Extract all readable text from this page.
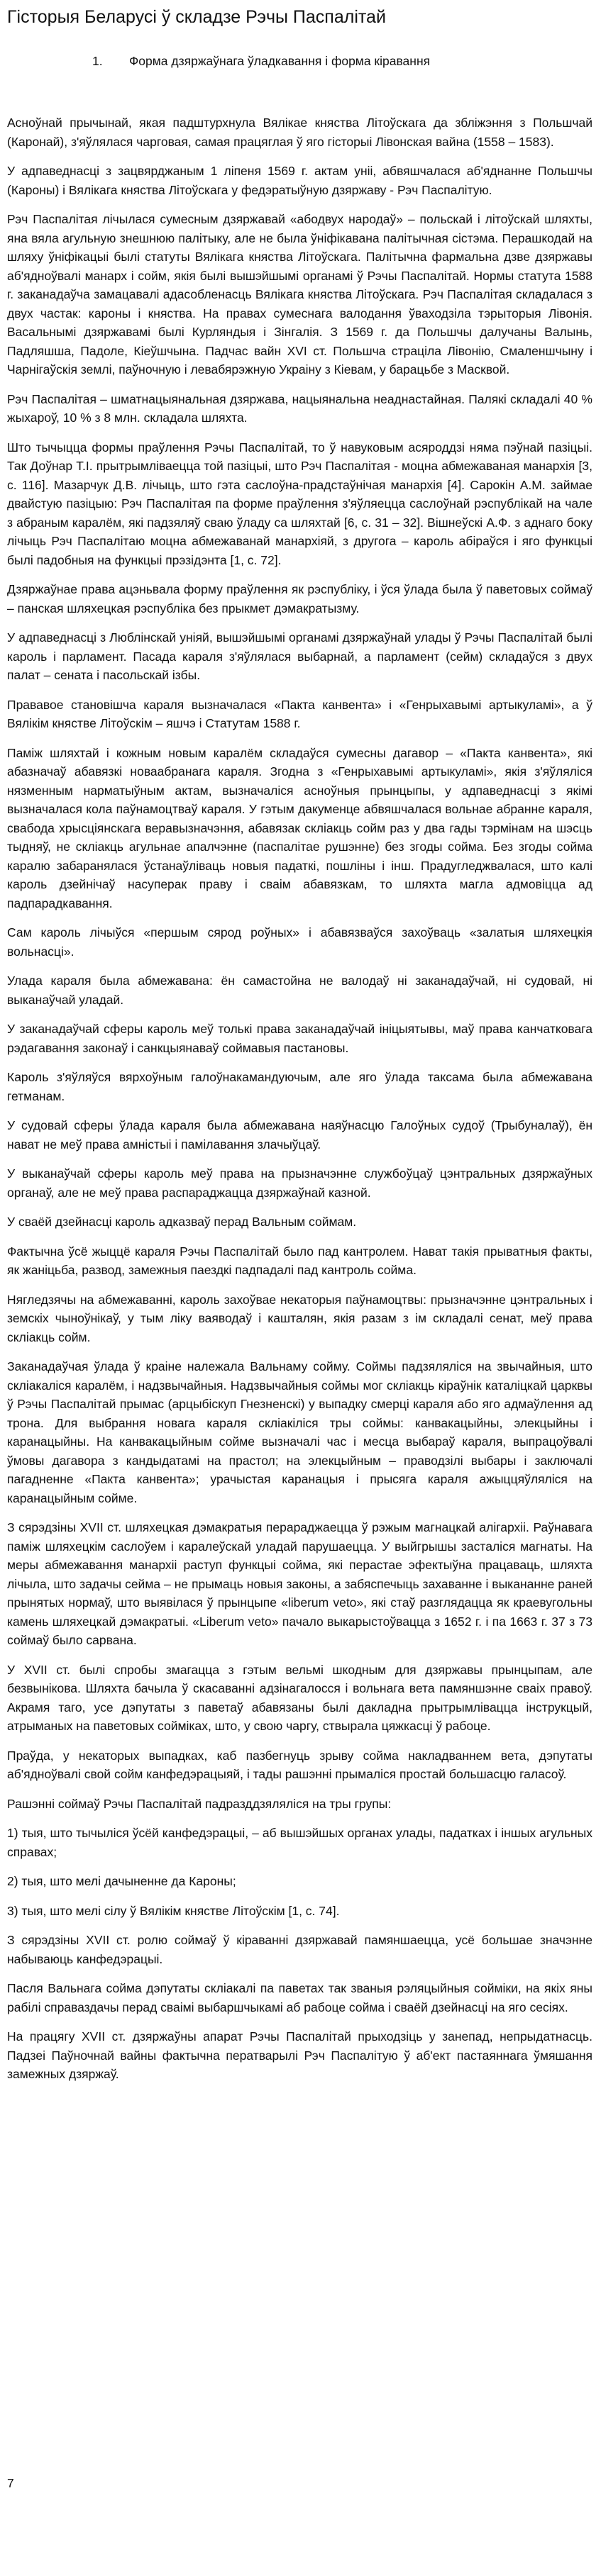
Гісторыя Беларусі ў складзе Рэчы Паспалітай
1. Форма дзяржаўнага ўладкавання і форма кіравання

Асноўнай прычынай, якая падштурхнула Вялікае княства Літоўскага да збліжэння з Польшчай (Каронай), з'яўлялася чарговая, самая працяглая ў яго гісторыі Лівонская вайна (1558 – 1583).

У адпаведнасці з зацвярджаным 1 ліпеня 1569 г. актам уніі, абвяшчалася аб'яднанне Польшчы (Кароны) і Вялікага княства Літоўскага у федэратыўную дзяржаву - Рэч Паспалітую.

Рэч Паспалітая лічылася сумесным дзяржавай «абодвух народаў» – польскай і літоўскай шляхты, яна вяла агульную знешнюю палітыку, але не была ўніфікавана палітычная сістэма. Перашкодай на шляху ўніфікацыі былі статуты Вялікага княства Літоўскага. Палітычна фармальна дзве дзяржавы аб'ядноўвалі манарх і сойм, якія былі вышэйшымі органамі ў Рэчы Паспалітай. Нормы статута 1588 г. заканадаўча замацавалі адасобленасць Вялікага княства Літоўскага. Рэч Паспалітая складалася з двух частак: кароны і княства. На правах сумеснага валодання ўваходзіла тэрыторыя Лівонія. Васальнымі дзяржавамі былі Курляндыя і Зінгалія. З 1569 г. да Польшчы далучаны Валынь, Падляшша, Падоле, Кіеўшчына. Падчас вайн XVI ст. Польшча страціла Лівонію, Смаленшчыну і Чарнігаўскія землі, паўночную і левабярэжную Украіну з Кіевам, у барацьбе з Масквой.

Рэч Паспалітая – шматнацыянальная дзяржава, нацыянальна неаднастайная. Палякі складалі 40 % жыхароў, 10 % з 8 млн. складала шляхта.

Што тычыцца формы праўлення Рэчы Паспалітай, то ў навуковым асяроддзі няма пэўнай пазіцыі. Так Доўнар Т.І. прытрымліваецца той пазіцыі, што Рэч Паспалітая - моцна абмежаваная манархія [3, с. 116]. Мазарчук Д.В. лічыць, што гэта саслоўна-прадстаўнічая манархія [4]. Сарокін А.М. займае двайстую пазіцыю: Рэч Паспалітая па форме праўлення з'яўляецца саслоўнай рэспублікай на чале з абраным каралём, які падзяляў сваю ўладу са шляхтай [6, с. 31 – 32]. Вішнеўскі А.Ф. з аднаго боку лічыць Рэч Паспалітаю моцна абмежаванай манархіяй, з другога – кароль абіраўся і яго функцыі былі падобныя на функцыі прэзідэнта [1, с. 72].

Дзяржаўнае права ацэньвала форму праўлення як рэспубліку, і ўся ўлада была ў паветовых соймаў – панская шляхецкая рэспубліка без прыкмет дэмакратызму.

У адпаведнасці з Люблінскай уніяй, вышэйшымі органамі дзяржаўнай улады ў Рэчы Паспалітай былі кароль і парламент. Пасада караля з'яўлялася выбарнай, а парламент (сейм) складаўся з двух палат – сената і пасольскай ізбы.

Прававое становішча караля вызначалася «Пакта канвента» і «Генрыхавымі артыкуламі», а ў Вялікім княстве Літоўскім – яшчэ і Статутам 1588 г.

Паміж шляхтай і кожным новым каралём складаўся сумесны дагавор – «Пакта канвента», які абазначаў абавязкі новаабранага караля. Згодна з «Генрыхавымі артыкуламі», якія з'яўляліся нязменным нарматыўным актам, вызначаліся асноўныя прынцыпы, у адпаведнасці з якімі вызначалася кола паўнамоцтваў караля. У гэтым дакуменце абвяшчалася вольнае абранне караля, свабода хрысціянскага веравызначэння, абавязак скліакць сойм раз у два гады тэрмінам на шэсць тыдняў, не скліакць агульнае апалчэнне (паспалітае рушэнне) без згоды сойма. Без згоды сойма каралю забаранялася ўстанаўліваць новыя падаткі, пошліны і інш. Прадугледжвалася, што калі кароль дзейнічаў насуперак праву і сваім абавязкам, то шляхта магла адмовіцца ад падпарадкавання.

Сам кароль лічыўся «першым сярод роўных» і абавязваўся захоўваць «залатыя шляхецкія вольнасці».

Улада караля была абмежавана: ён самастойна не валодаў ні заканадаўчай, ні судовай, ні выканаўчай уладай.

У заканадаўчай сферы кароль меў толькі права заканадаўчай ініцыятывы, маў права канчатковага рэдагавання законаў і санкцыянаваў соймавыя пастановы.

Кароль з'яўляўся вярхоўным галоўнакамандуючым, але яго ўлада таксама была абмежавана гетманам.

У судовай сферы ўлада караля была абмежавана наяўнасцю Галоўных судоў (Трыбуналаў), ён нават не меў права амністыі і памілавання злачыўцаў.

У выканаўчай сферы кароль меў права на прызначэнне службоўцаў цэнтральных дзяржаўных органаў, але не меў права распараджацца дзяржаўнай казной.

У сваёй дзейнасці кароль адказваў перад Вальным соймам.

Фактычна ўсё жыццё караля Рэчы Паспалітай было пад кантролем. Нават такія прыватныя факты, як жаніцьба, развод, замежныя паездкі падпадалі пад кантроль сойма.

Нягледзячы на абмежаванні, кароль захоўвае некаторыя паўнамоцтвы: прызначэнне цэнтральных і земскіх чыноўнікаў, у тым ліку ваяводаў і кашталян, якія разам з ім складалі сенат, меў права скліакць сойм.

Заканадаўчая ўлада ў краіне належала Вальнаму сойму. Соймы падзяляліся на звычайныя, што скліакаліся каралём, і надзвычайныя. Надзвычайныя соймы мог скліакць кіраўнік каталіцкай царквы ў Рэчы Паспалітай прымас (арцыбіскуп Гнезненскі) у выпадку смерці караля або яго адмаўлення ад трона. Для выбрання новага караля скліакіліся тры соймы: канвакацыйны, элекцыйны і каранацыйны. На канвакацыйным сойме вызначалі час і месца выбараў караля, выпрацоўвалі ўмовы дагавора з кандыдатамі на прастол; на элекцыйным – праводзілі выбары і заключалі пагадненне «Пакта канвента»; урачыстая каранацыя і прысяга караля ажыццяўляліся на каранацыйным сойме.

З сярэдзіны XVII ст. шляхецкая дэмакратыя перараджаецца ў рэжым магнацкай алігархіі. Раўнавага паміж шляхецкім саслоўем і каралеўскай уладай парушаецца. У выйгрышы засталіся магнаты. На меры абмежавання манархіі раступ функцыі сойма, які перастае эфектыўна працаваць, шляхта лічыла, што задачы сейма – не прымаць новыя законы, а забяспечыць захаванне і выкананне раней прынятых нормаў, што выявілася ў прынцыпе «liberum veto», які стаў разглядацца як краевугольны камень шляхецкай дэмакратыі. «Liberum veto» пачало выкарыстоўвацца з 1652 г. і па 1663 г. 37 з 73 соймаў было сарвана.

У XVII ст. былі спробы змагацца з гэтым вельмі шкодным для дзяржавы прынцыпам, але безвынікова. Шляхта бачыла ў скасаванні адзінагалосся і вольнага вета памяншэнне сваіх правоў. Акрамя таго, усе дэпутаты з паветаў абавязаны былі дакладна прытрымлівацца інструкцый, атрыманых на паветовых соймікаx, што, у свою чаргу, ствырала цяжкасці ў рабоце.

Праўда, у некаторых выпадках, каб пазбегнуць зрыву сойма накладваннем вета, дэпутаты аб'ядноўвалі свой сойм канфедэрацыяй, і тады рашэнні прымаліся простай большасцю галасоў.

Рашэнні соймаў Рэчы Паспалітай падразддзяляліся на тры групы:

1) тыя, што тычыліся ўсёй канфедэрацыі, – аб вышэйшых органах улады, падатках і іншых агульных справах;

2) тыя, што мелі дачыненне да Кароны;

3) тыя, што мелі сілу ў Вялікім княстве Літоўскім [1, с. 74].

З сярэдзіны XVII ст. ролю соймаў ў кіраванні дзяржавай памяншаецца, усё большае значэнне набываюць канфедэрацыі.

Пасля Вальнага сойма дэпутаты скліакалі па паветах так званыя рэляцыйныя сойміки, на якіх яны рабілі справаздачы перад сваімі выбаршчыкамі аб рабоце сойма і сваёй дзейнасці на яго сесіях.

На працягу XVII ст. дзяржаўны апарат Рэчы Паспалітай прыходзіць у занепад, непрыдатнасць. Падзеі Паўночнай вайны фактычна ператварылі Рэч Паспалітую ў аб'ект пастаяннага ўмяшання замежных дзяржаў.

7
